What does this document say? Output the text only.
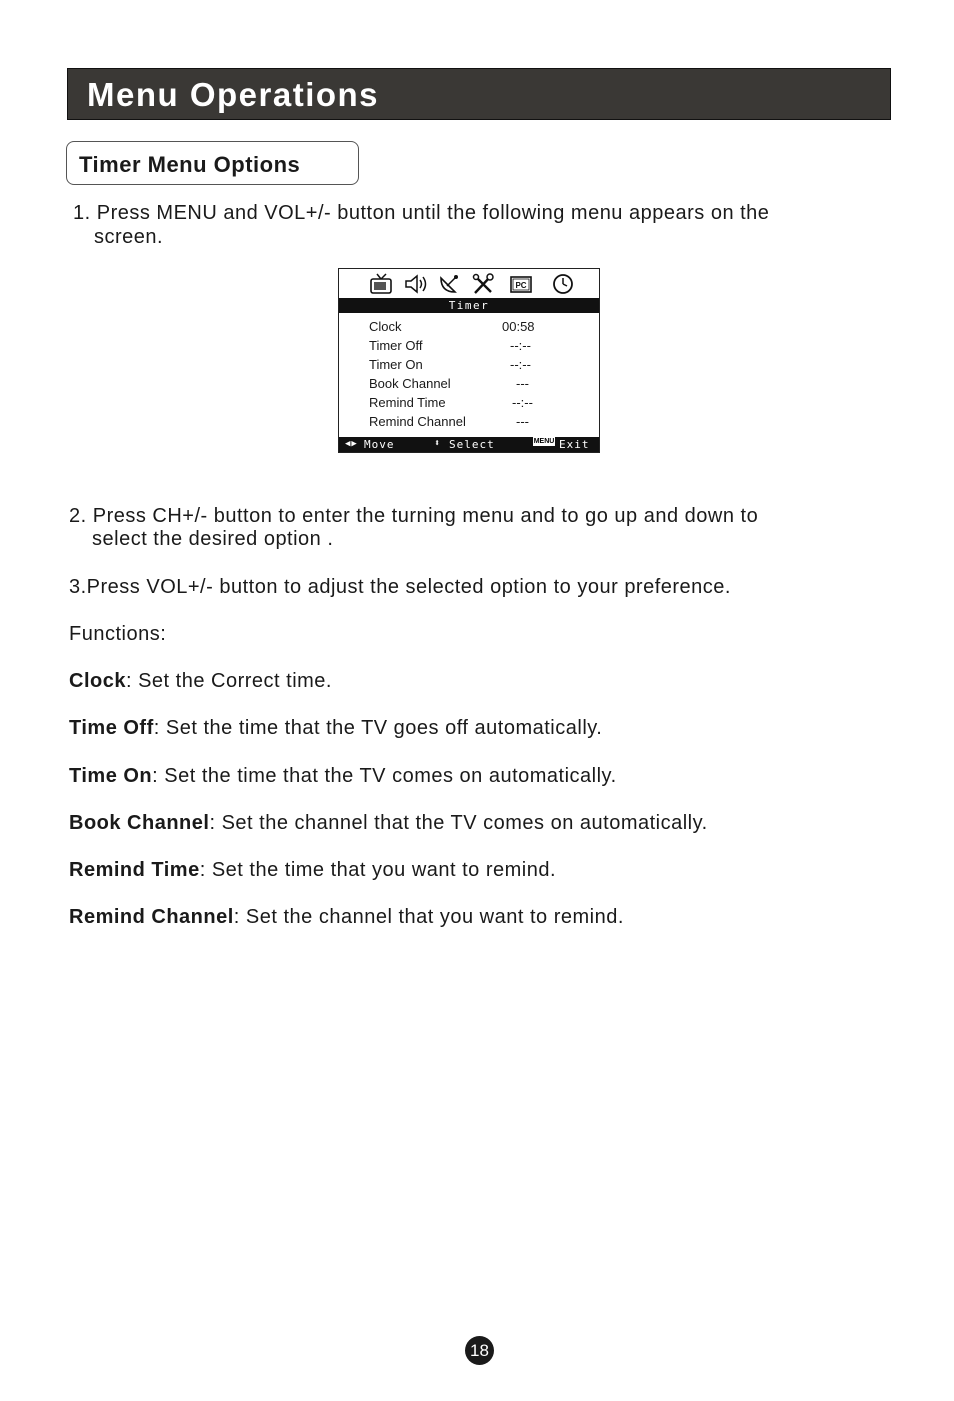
Menu Operations
Timer Menu Options
1. Press MENU and VOL+/- button until the following menu appears on the
screen.
PC
Timer
Clock	00:58
Timer Off	--:--
Timer On	--:--
Book Channel	---
Remind Time	--:--
Remind Channel	---
◀▶ Move	⬍ Select	MENU Exit
2. Press CH+/- button to enter the turning menu and to go up and down to
select the desired option .
3.Press VOL+/- button to adjust the selected option to your preference.
Functions:
Clock: Set the Correct time.
Time Off: Set the time that the TV goes off automatically.
Time On: Set the time that the TV comes on automatically.
Book Channel: Set the channel that the TV comes on automatically.
Remind Time: Set the time that you want to remind.
Remind Channel: Set the channel that you want to remind.
18
